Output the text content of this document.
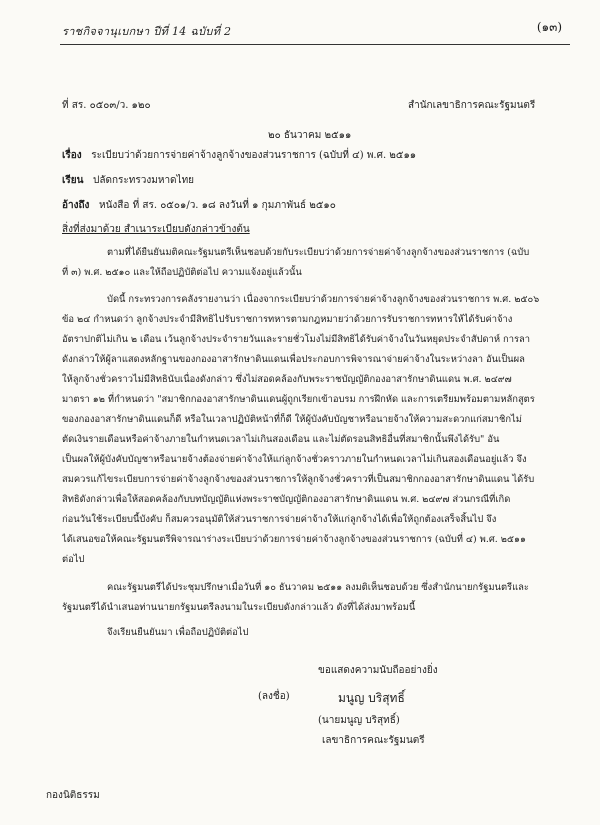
ราชกิจจานุเบกษา ปีที่ 14 ฉบับที่ 2	(๑๓)
ที่ สร. ๐๕๐๓/ว. ๑๒๐	สำนักเลขาธิการคณะรัฐมนตรี
๒๐ ธันวาคม ๒๕๑๑
เรื่อง ระเบียบว่าด้วยการจ่ายค่าจ้างลูกจ้างของส่วนราชการ (ฉบับที่ ๔) พ.ศ. ๒๕๑๑
เรียน ปลัดกระทรวงมหาดไทย
อ้างถึง หนังสือ ที่ สร. ๐๕๐๑/ว. ๑๘ ลงวันที่ ๑ กุมภาพันธ์ ๒๕๑๐
สิ่งที่ส่งมาด้วย สำเนาระเบียบดังกล่าวข้างต้น
ตามที่ได้ยืนยันมติคณะรัฐมนตรีเห็นชอบด้วยกับระเบียบว่าด้วยการจ่ายค่าจ้างลูกจ้างของส่วนราชการ (ฉบับ
ที่ ๓) พ.ศ. ๒๕๑๐ และให้ถือปฏิบัติต่อไป ความแจ้งอยู่แล้วนั้น
บัดนี้ กระทรวงการคลังรายงานว่า เนื่องจากระเบียบว่าด้วยการจ่ายค่าจ้างลูกจ้างของส่วนราชการ พ.ศ. ๒๕๐๖
ข้อ ๒๔ กำหนดว่า ลูกจ้างประจำมีสิทธิไปรับราชการทหารตามกฎหมายว่าด้วยการรับราชการทหารให้ได้รับค่าจ้าง
อัตราปกติไม่เกิน ๒ เดือน เว้นลูกจ้างประจำรายวันและรายชั่วโมงไม่มีสิทธิได้รับค่าจ้างในวันหยุดประจำสัปดาห์ การลา
ดังกล่าวให้ผู้ลาแสดงหลักฐานของกองอาสารักษาดินแดนเพื่อประกอบการพิจารณาจ่ายค่าจ้างในระหว่างลา อันเป็นผล
ให้ลูกจ้างชั่วคราวไม่มีสิทธินับเนื่องดังกล่าว ซึ่งไม่สอดคล้องกับพระราชบัญญัติกองอาสารักษาดินแดน พ.ศ. ๒๔๙๗
มาตรา ๑๒ ที่กำหนดว่า "สมาชิกกองอาสารักษาดินแดนผู้ถูกเรียกเข้าอบรม การฝึกหัด และการเตรียมพร้อมตามหลักสูตร
ของกองอาสารักษาดินแดนก็ดี หรือในเวลาปฏิบัติหน้าที่ก็ดี ให้ผู้บังคับบัญชาหรือนายจ้างให้ความสะดวกแก่สมาชิกไม่
ตัดเงินรายเดือนหรือค่าจ้างภายในกำหนดเวลาไม่เกินสองเดือน และไม่ตัดรอนสิทธิอื่นที่สมาชิกนั้นพึงได้รับ" อัน
เป็นผลให้ผู้บังคับบัญชาหรือนายจ้างต้องจ่ายค่าจ้างให้แก่ลูกจ้างชั่วคราวภายในกำหนดเวลาไม่เกินสองเดือนอยู่แล้ว จึง
สมควรแก้ไขระเบียบการจ่ายค่าจ้างลูกจ้างของส่วนราชการให้ลูกจ้างชั่วคราวที่เป็นสมาชิกกองอาสารักษาดินแดน ได้รับ
สิทธิดังกล่าวเพื่อให้สอดคล้องกับบทบัญญัติแห่งพระราชบัญญัติกองอาสารักษาดินแดน พ.ศ. ๒๔๙๗ ส่วนกรณีที่เกิด
ก่อนวันใช้ระเบียบนี้บังคับ ก็สมควรอนุมัติให้ส่วนราชการจ่ายค่าจ้างให้แก่ลูกจ้างได้เพื่อให้ถูกต้องเสร็จสิ้นไป จึง
ได้เสนอขอให้คณะรัฐมนตรีพิจารณาร่างระเบียบว่าด้วยการจ่ายค่าจ้างลูกจ้างของส่วนราชการ (ฉบับที่ ๔) พ.ศ. ๒๕๑๑
ต่อไป
คณะรัฐมนตรีได้ประชุมปรึกษาเมื่อวันที่ ๑๐ ธันวาคม ๒๕๑๑ ลงมติเห็นชอบด้วย ซึ่งสำนักนายกรัฐมนตรีและ
รัฐมนตรีได้นำเสนอท่านนายกรัฐมนตรีลงนามในระเบียบดังกล่าวแล้ว ดังที่ได้ส่งมาพร้อมนี้
จึงเรียนยืนยันมา เพื่อถือปฏิบัติต่อไป
ขอแสดงความนับถืออย่างยิ่ง
(ลงชื่อ)	มนูญ บริสุทธิ์
(นายมนูญ บริสุทธิ์)
เลขาธิการคณะรัฐมนตรี
กองนิติธรรม
